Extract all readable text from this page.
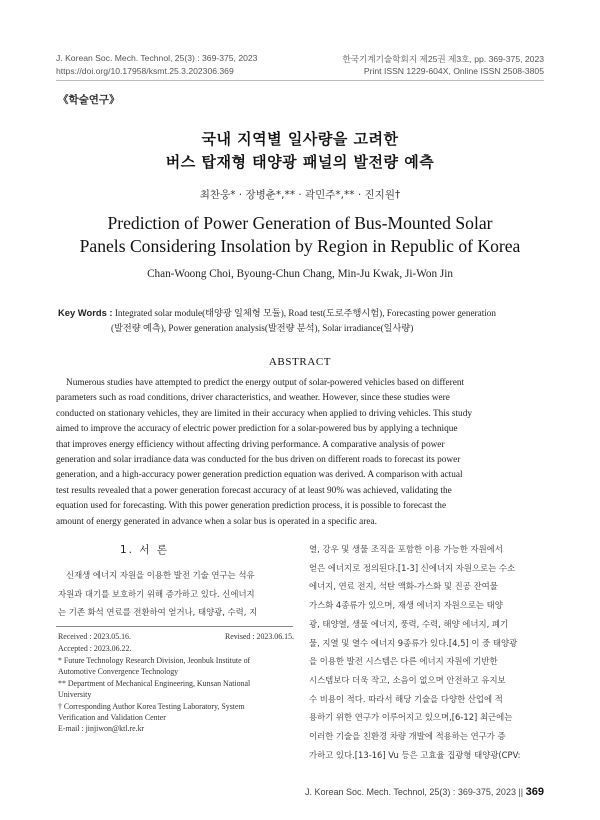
J. Korean Soc. Mech. Technol, 25(3) : 369-375, 2023
https://doi.org/10.17958/ksmt.25.3.202306.369
한국기계기술학회지 제25권 제3호, pp. 369-375, 2023
Print ISSN 1229-604X, Online ISSN 2508-3805
《학술연구》
국내 지역별 일사량을 고려한
버스 탑재형 태양광 패널의 발전량 예측
최찬웅* · 장병춘*,** · 곽민주*,** · 진지원†
Prediction of Power Generation of Bus-Mounted Solar
Panels Considering Insolation by Region in Republic of Korea
Chan-Woong Choi, Byoung-Chun Chang, Min-Ju Kwak, Ji-Won Jin
Key Words : Integrated solar module(태양광 일체형 모듈), Road test(도로주행시험), Forecasting power generation
(발전량 예측), Power generation analysis(발전량 분석), Solar irradiance(일사량)
ABSTRACT
Numerous studies have attempted to predict the energy output of solar-powered vehicles based on different
parameters such as road conditions, driver characteristics, and weather. However, since these studies were
conducted on stationary vehicles, they are limited in their accuracy when applied to driving vehicles. This study
aimed to improve the accuracy of electric power prediction for a solar-powered bus by applying a technique
that improves energy efficiency without affecting driving performance. A comparative analysis of power
generation and solar irradiance data was conducted for the bus driven on different roads to forecast its power
generation, and a high-accuracy power generation prediction equation was derived. A comparison with actual
test results revealed that a power generation forecast accuracy of at least 90% was achieved, validating the
equation used for forecasting. With this power generation prediction process, it is possible to forecast the
amount of energy generated in advance when a solar bus is operated in a specific area.
1. 서 론
신재생 에너지 자원을 이용한 발전 기술 연구는 석유
자원과 대기를 보호하기 위해 증가하고 있다. 신에너지
는 기존 화석 연료를 전환하여 얻거나, 태양광, 수력, 지
Received : 2023.05.16.	Revised : 2023.06.15.
Accepted : 2023.06.22.
* Future Technology Research Division, Jeonbuk Institute of
Automotive Convergence Technology
** Department of Mechanical Engineering, Kunsan National
University
† Corresponding Author Korea Testing Laboratory, System
Verification and Validation Center
E-mail : jinjiwon@ktl.re.kr
열, 강우 및 생물 조직을 포함한 이용 가능한 자원에서
얻은 에너지로 정의된다.[1-3] 신에너지 자원으로는 수소
에너지, 연료 전지, 석탄 액화-가스화 및 진공 잔여물
가스화 4종류가 있으며, 재생 에너지 자원으로는 태양
광, 태양열, 생물 에너지, 풍력, 수력, 해양 에너지, 폐기
물, 지열 및 열수 에너지 9종류가 있다.[4,5] 이 중 태양광
을 이용한 발전 시스템은 다른 에너지 자원에 기반한
시스템보다 더욱 작고, 소음이 없으며 안전하고 유지보
수 비용이 적다. 따라서 해당 기술을 다양한 산업에 적
용하기 위한 연구가 이루어지고 있으며,[6-12] 최근에는
이러한 기술을 친환경 차량 개발에 적용하는 연구가 증
가하고 있다.[13-16] Vu 등은 고효율 집광형 태양광(CPV:
J. Korean Soc. Mech. Technol, 25(3) : 369-375, 2023 || 369
